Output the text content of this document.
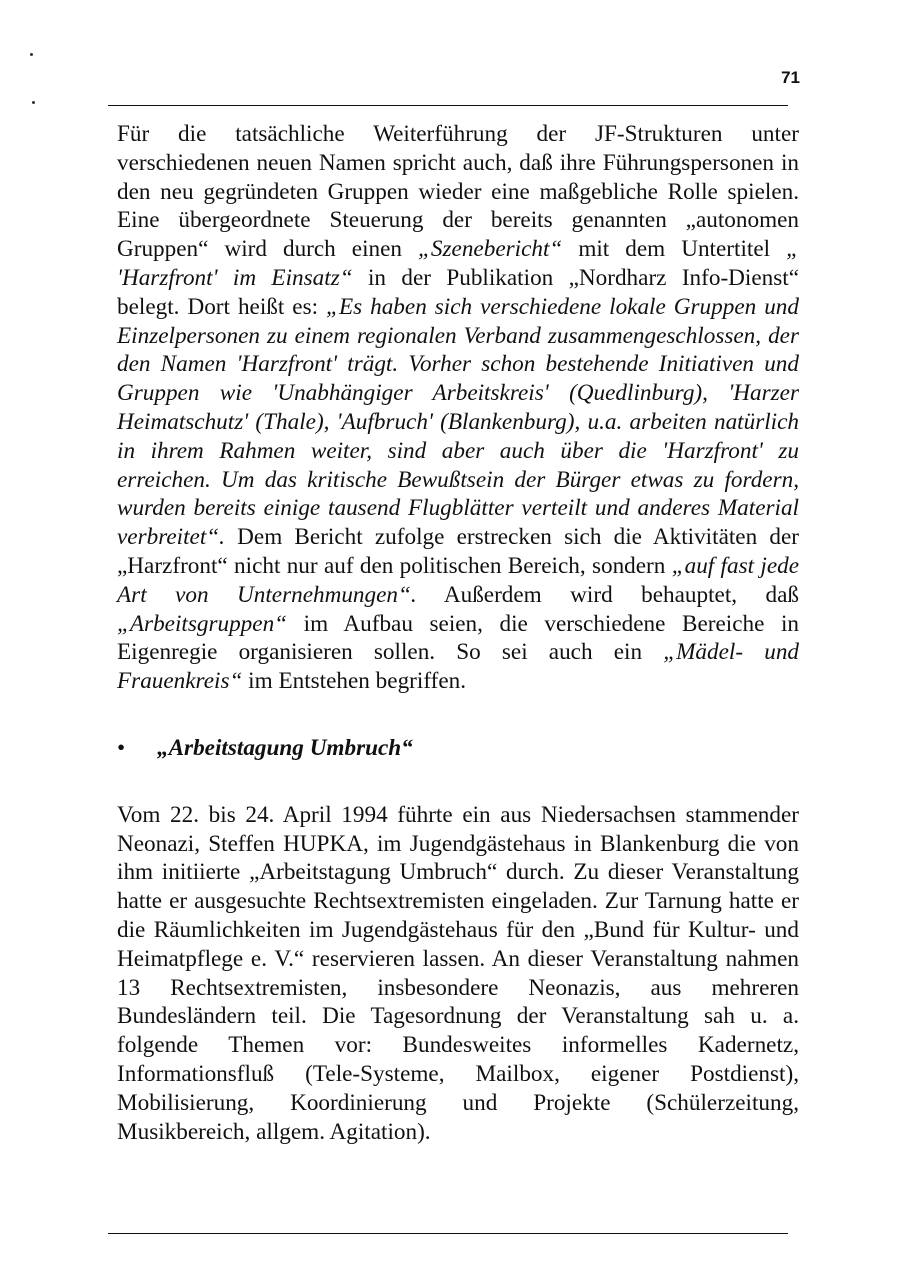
71

Für die tatsächliche Weiterführung der JF-Strukturen unter verschiedenen neuen Namen spricht auch, daß ihre Führungspersonen in den neu gegründeten Gruppen wieder eine maßgebliche Rolle spielen. Eine übergeordnete Steuerung der bereits genannten „autonomen Gruppen“ wird durch einen „Szenebericht“ mit dem Untertitel „ 'Harzfront' im Einsatz“ in der Publikation „Nordharz Info-Dienst“ belegt. Dort heißt es: „Es haben sich verschiedene lokale Gruppen und Einzelpersonen zu einem regionalen Verband zusammengeschlossen, der den Namen 'Harzfront' trägt. Vorher schon bestehende Initiativen und Gruppen wie 'Unabhängiger Arbeitskreis' (Quedlinburg), 'Harzer Heimatschutz' (Thale), 'Aufbruch' (Blankenburg), u.a. arbeiten natürlich in ihrem Rahmen weiter, sind aber auch über die 'Harzfront' zu erreichen. Um das kritische Bewußtsein der Bürger etwas zu fordern, wurden bereits einige tausend Flugblätter verteilt und anderes Material verbreitet“. Dem Bericht zufolge erstrecken sich die Aktivitäten der „Harzfront“ nicht nur auf den politischen Bereich, sondern „auf fast jede Art von Unternehmungen“. Außerdem wird behauptet, daß „Arbeitsgruppen“ im Aufbau seien, die verschiedene Bereiche in Eigenregie organisieren sollen. So sei auch ein „Mädel- und Frauenkreis“ im Entstehen begriffen.

•	„Arbeitstagung Umbruch“

Vom 22. bis 24. April 1994 führte ein aus Niedersachsen stammender Neonazi, Steffen HUPKA, im Jugendgästehaus in Blankenburg die von ihm initiierte „Arbeitstagung Umbruch“ durch. Zu dieser Veranstaltung hatte er ausgesuchte Rechtsextremisten eingeladen. Zur Tarnung hatte er die Räumlichkeiten im Jugendgästehaus für den „Bund für Kultur- und Heimatpflege e. V.“ reservieren lassen. An dieser Veranstaltung nahmen 13 Rechtsextremisten, insbesondere Neonazis, aus mehreren Bundesländern teil. Die Tagesordnung der Veranstaltung sah u. a. folgende Themen vor: Bundesweites informelles Kadernetz, Informationsfluß (Tele-Systeme, Mailbox, eigener Postdienst), Mobilisierung, Koordinierung und Projekte (Schülerzeitung, Musikbereich, allgem. Agitation).
